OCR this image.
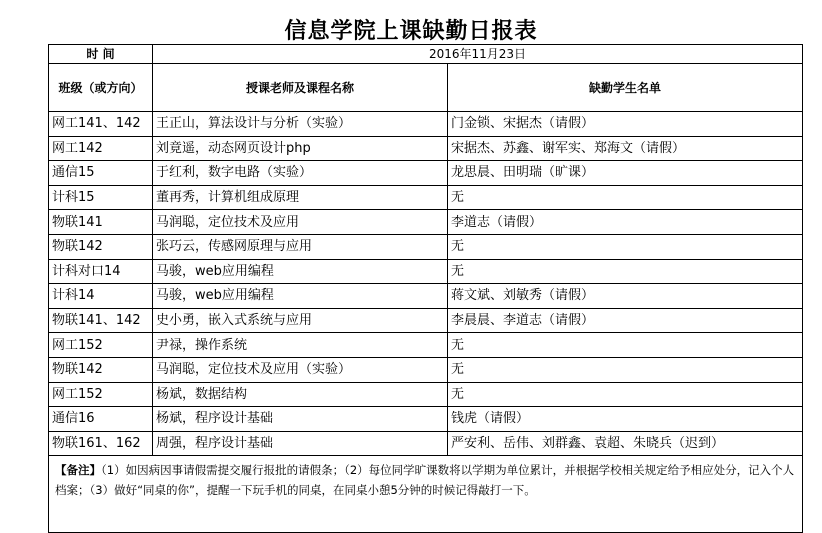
信息学院上课缺勤日报表
时 间	2016年11月23日	
班级（或方向）	授课老师及课程名称	缺勤学生名单
网工141、142	王正山，算法设计与分析（实验）	门金锁、宋据杰（请假）
网工142	刘竟遥，动态网页设计php	宋据杰、苏鑫、谢军实、郑海文（请假）
通信15	于红利，数字电路（实验）	龙思晨、田明瑞（旷课）
计科15	董再秀，计算机组成原理	无
物联141	马润聪，定位技术及应用	李道志（请假）
物联142	张巧云，传感网原理与应用	无
计科对口14	马骏，web应用编程	无
计科14	马骏，web应用编程	蒋文斌、刘敏秀（请假）
物联141、142	史小勇，嵌入式系统与应用	李晨晨、李道志（请假）
网工152	尹禄，操作系统	无
物联142	马润聪，定位技术及应用（实验）	无
网工152	杨斌，数据结构	无
通信16	杨斌，程序设计基础	钱虎（请假）
物联161、162	周强，程序设计基础	严安利、岳伟、刘群鑫、袁超、朱晓兵（迟到）
【备注】（1）如因病因事请假需提交履行报批的请假条；（2）每位同学旷课数将以学期为单位累计，并根据学校相关规定给予相应处分，记入个人档案；（3）做好“同桌的你”，提醒一下玩手机的同桌，在同桌小憩5分钟的时候记得敲打一下。		
